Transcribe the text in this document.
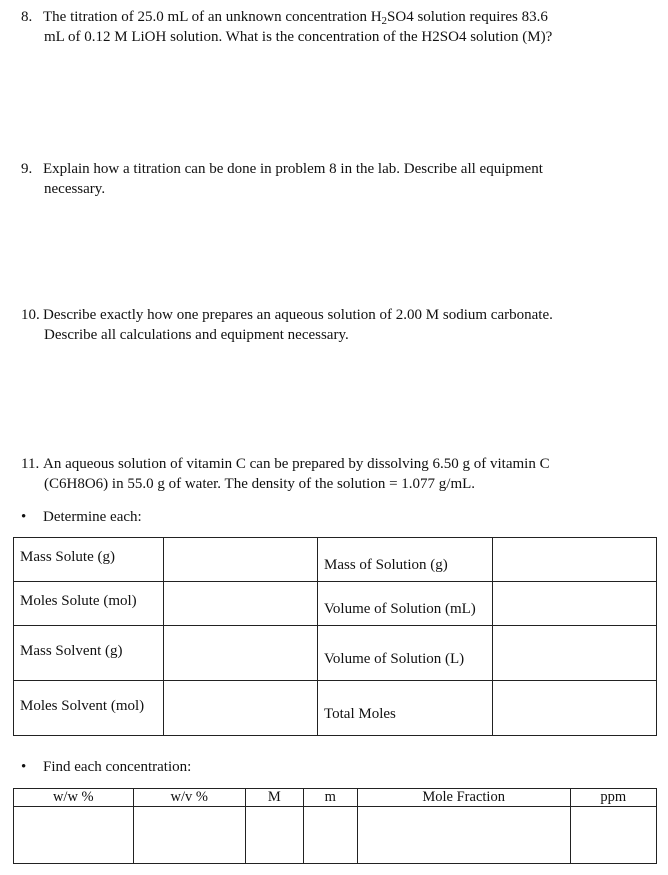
8. The titration of 25.0 mL of an unknown concentration $H_2SO4$ solution requires 83.6
mL of 0.12 M LiOH solution. What is the concentration of the H2SO4 solution (M)?
9. Explain how a titration can be done in problem 8 in the lab. Describe all equipment
necessary.
10. Describe exactly how one prepares an aqueous solution of 2.00 M sodium carbonate.
Describe all calculations and equipment necessary.
11. An aqueous solution of vitamin C can be prepared by dissolving 6.50 g of vitamin C
(C6H8O6) in 55.0 g of water. The density of the solution = 1.077 g/mL.
• Determine each:
Mass Solute (g)		Mass of Solution (g)	
Moles Solute (mol)		Volume of Solution (mL)	
Mass Solvent (g)		Volume of Solution (L)	
Moles Solvent (mol)		Total Moles	
• Find each concentration:
w/w %	w/v %	M	m	Mole Fraction	ppm
